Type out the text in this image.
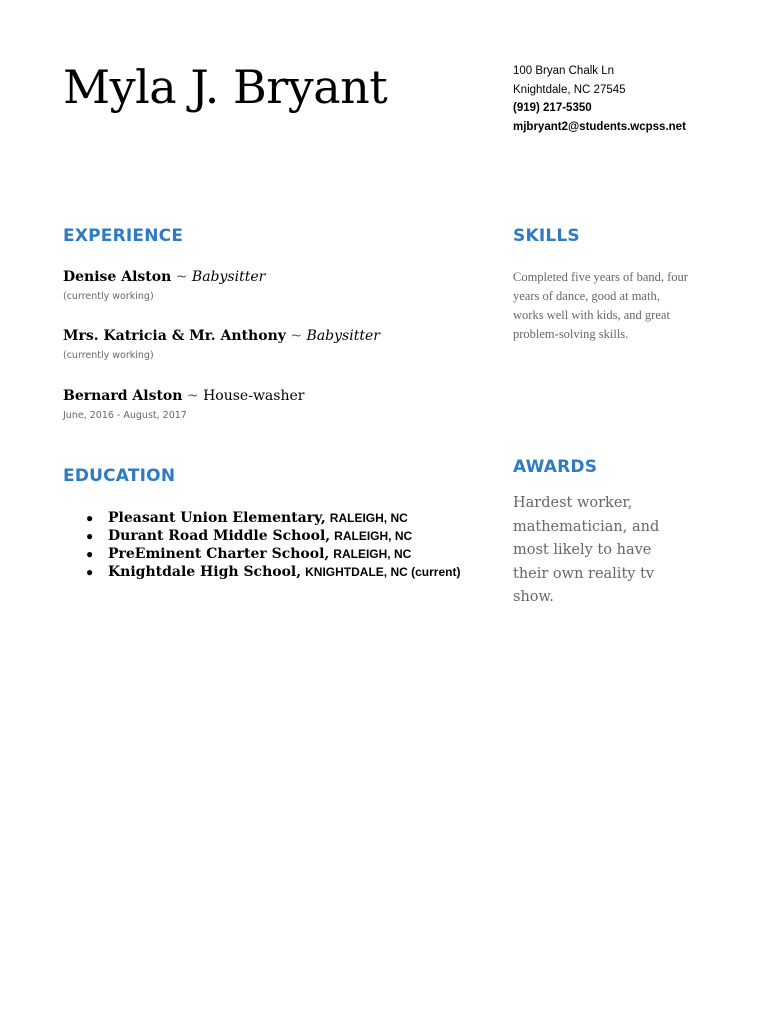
Myla J. Bryant	100 Bryan Chalk Ln
Knightdale, NC 27545
(919) 217-5350
mjbryant2@students.wcpss.net
EXPERIENCE
Denise Alston ~ Babysitter
(currently working)
Mrs. Katricia & Mr. Anthony ~ Babysitter
(currently working)
Bernard Alston ~ House-washer
June, 2016 - August, 2017
EDUCATION
●	Pleasant Union Elementary, RALEIGH, NC
●	Durant Road Middle School, RALEIGH, NC
●	PreEminent Charter School, RALEIGH, NC
●	Knightdale High School, KNIGHTDALE, NC (current)
SKILLS
Completed five years of band, four years of dance, good at math, works well with kids, and great problem-solving skills.
AWARDS
Hardest worker, mathematician, and most likely to have their own reality tv show.
